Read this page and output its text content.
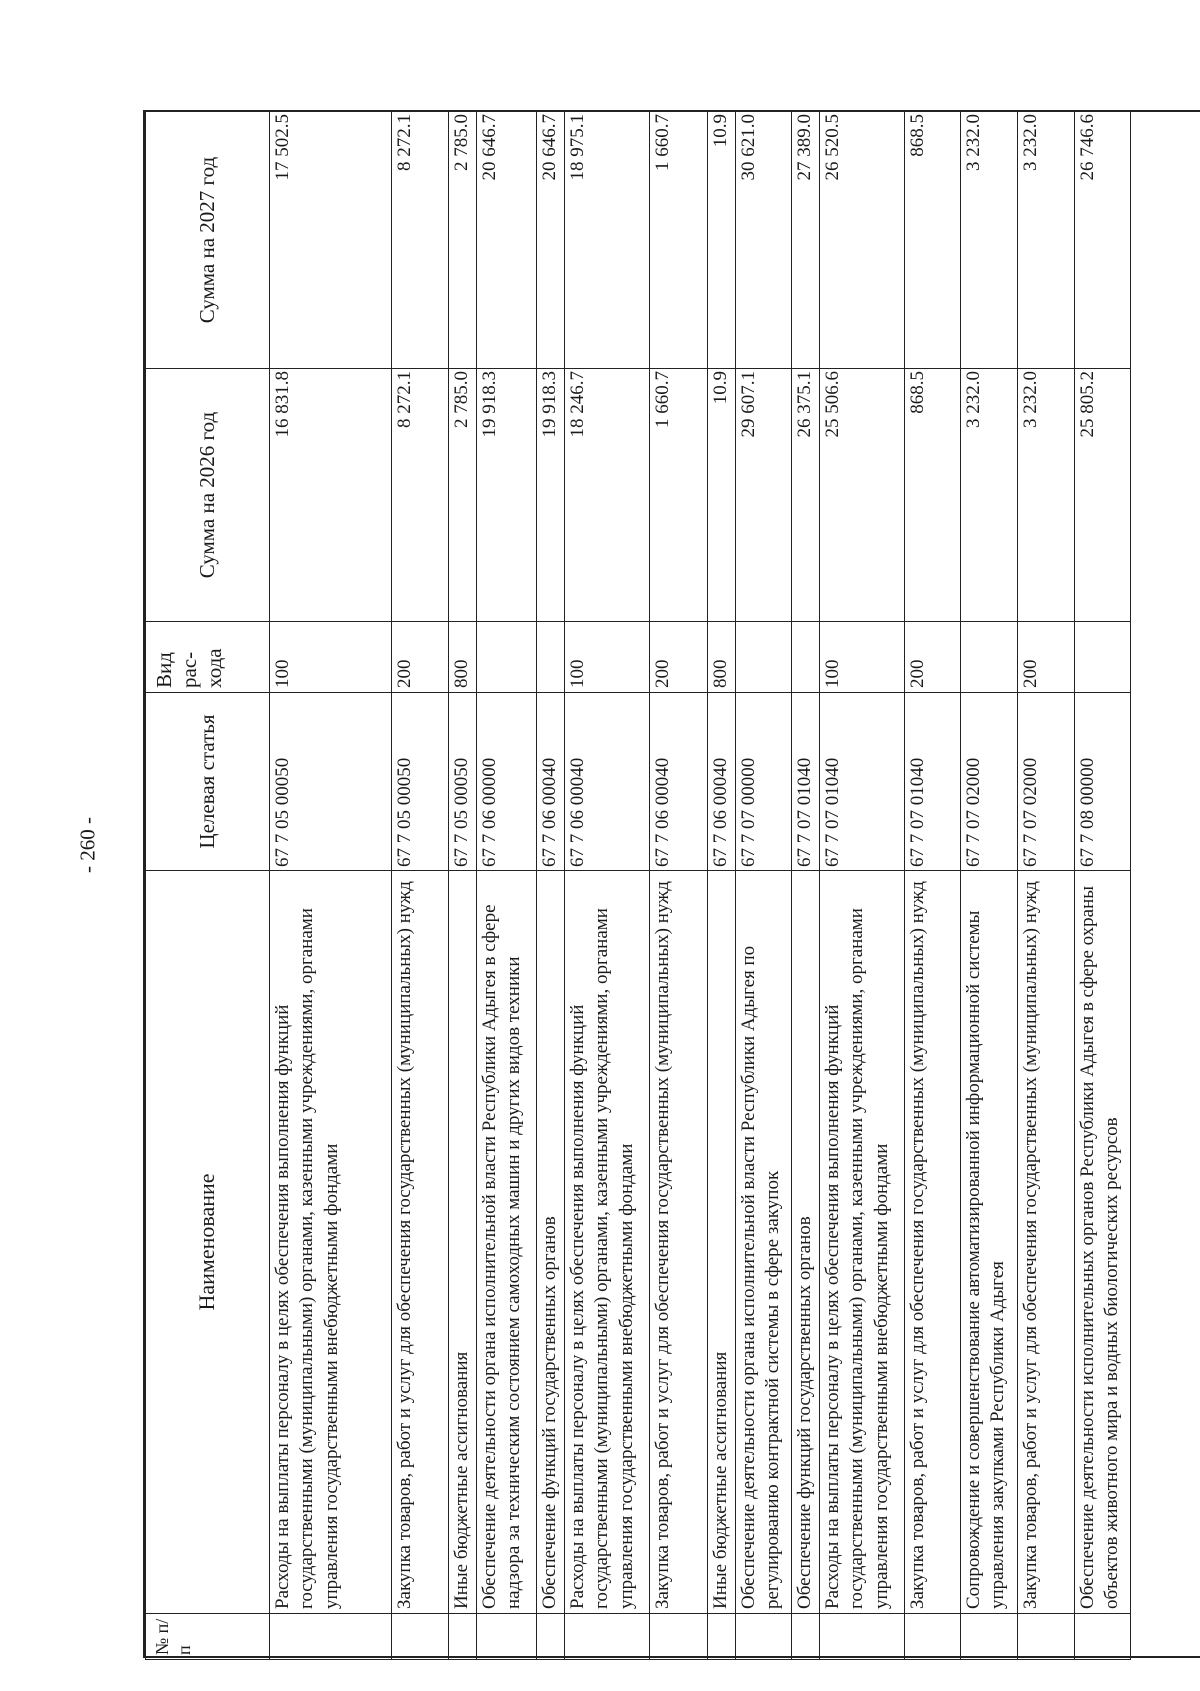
- 260 -
№ п/п	Наименование	Целевая статья	Вид рас-хода	Сумма на 2026 год	Сумма на 2027 год
	Расходы на выплаты персоналу в целях обеспечения выполнения функций государственными (муниципальными) органами, казенными учреждениями, органами управления государственными внебюджетными фондами	67 7 05 00050	100	16 831.8	17 502.5
	Закупка товаров, работ и услуг для обеспечения государственных (муниципальных) нужд	67 7 05 00050	200	8 272.1	8 272.1
	Иные бюджетные ассигнования	67 7 05 00050	800	2 785.0	2 785.0
	Обеспечение деятельности органа исполнительной власти Республики Адыгея в сфере надзора за техническим состоянием самоходных машин и других видов техники	67 7 06 00000		19 918.3	20 646.7
	Обеспечение функций государственных органов	67 7 06 00040		19 918.3	20 646.7
	Расходы на выплаты персоналу в целях обеспечения выполнения функций государственными (муниципальными) органами, казенными учреждениями, органами управления государственными внебюджетными фондами	67 7 06 00040	100	18 246.7	18 975.1
	Закупка товаров, работ и услуг для обеспечения государственных (муниципальных) нужд	67 7 06 00040	200	1 660.7	1 660.7
	Иные бюджетные ассигнования	67 7 06 00040	800	10.9	10.9
	Обеспечение деятельности органа исполнительной власти Республики Адыгея по регулированию контрактной системы в сфере закупок	67 7 07 00000		29 607.1	30 621.0
	Обеспечение функций государственных органов	67 7 07 01040		26 375.1	27 389.0
	Расходы на выплаты персоналу в целях обеспечения выполнения функций государственными (муниципальными) органами, казенными учреждениями, органами управления государственными внебюджетными фондами	67 7 07 01040	100	25 506.6	26 520.5
	Закупка товаров, работ и услуг для обеспечения государственных (муниципальных) нужд	67 7 07 01040	200	868.5	868.5
	Сопровождение и совершенствование автоматизированной информационной системы управления закупками Республики Адыгея	67 7 07 02000		3 232.0	3 232.0
	Закупка товаров, работ и услуг для обеспечения государственных (муниципальных) нужд	67 7 07 02000	200	3 232.0	3 232.0
	Обеспечение деятельности исполнительных органов Республики Адыгея в сфере охраны объектов животного мира и водных биологических ресурсов	67 7 08 00000		25 805.2	26 746.6
